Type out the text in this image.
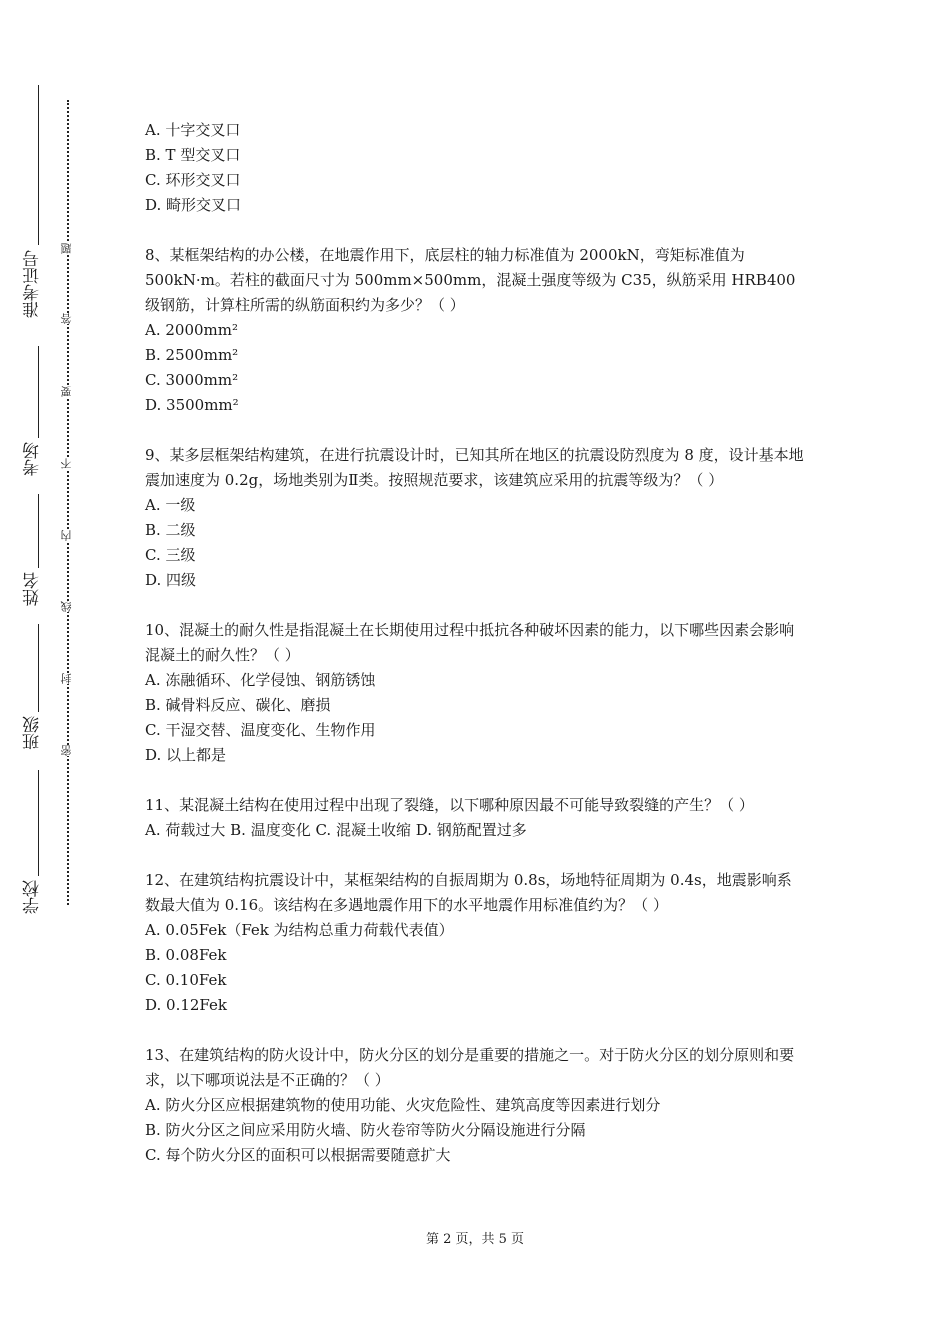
准考证号
考场
姓名
班级
学校
题
答
要
不
内
线
封
密

A. 十字交叉口

B. T 型交叉口

C. 环形交叉口

D. 畸形交叉口

8、某框架结构的办公楼，在地震作用下，底层柱的轴力标准值为 2000kN，弯矩标准值为 500kN·m。若柱的截面尺寸为 500mm×500mm，混凝土强度等级为 C35，纵筋采用 HRB400 级钢筋，计算柱所需的纵筋面积约为多少？（ ）

A. 2000mm²

B. 2500mm²

C. 3000mm²

D. 3500mm²

9、某多层框架结构建筑，在进行抗震设计时，已知其所在地区的抗震设防烈度为 8 度，设计基本地震加速度为 0.2g，场地类别为Ⅱ类。按照规范要求，该建筑应采用的抗震等级为？（ ）

A. 一级

B. 二级

C. 三级

D. 四级

10、混凝土的耐久性是指混凝土在长期使用过程中抵抗各种破坏因素的能力，以下哪些因素会影响混凝土的耐久性？（ ）

A. 冻融循环、化学侵蚀、钢筋锈蚀

B. 碱骨料反应、碳化、磨损

C. 干湿交替、温度变化、生物作用

D. 以上都是

11、某混凝土结构在使用过程中出现了裂缝，以下哪种原因最不可能导致裂缝的产生？（ ）

A. 荷载过大 B. 温度变化 C. 混凝土收缩 D. 钢筋配置过多

12、在建筑结构抗震设计中，某框架结构的自振周期为 0.8s，场地特征周期为 0.4s，地震影响系数最大值为 0.16。该结构在多遇地震作用下的水平地震作用标准值约为？（ ）

A. 0.05Fek（Fek 为结构总重力荷载代表值）

B. 0.08Fek

C. 0.10Fek

D. 0.12Fek

13、在建筑结构的防火设计中，防火分区的划分是重要的措施之一。对于防火分区的划分原则和要求，以下哪项说法是不正确的？（ ）

A. 防火分区应根据建筑物的使用功能、火灾危险性、建筑高度等因素进行划分

B. 防火分区之间应采用防火墙、防火卷帘等防火分隔设施进行分隔

C. 每个防火分区的面积可以根据需要随意扩大

第 2 页，共 5 页
